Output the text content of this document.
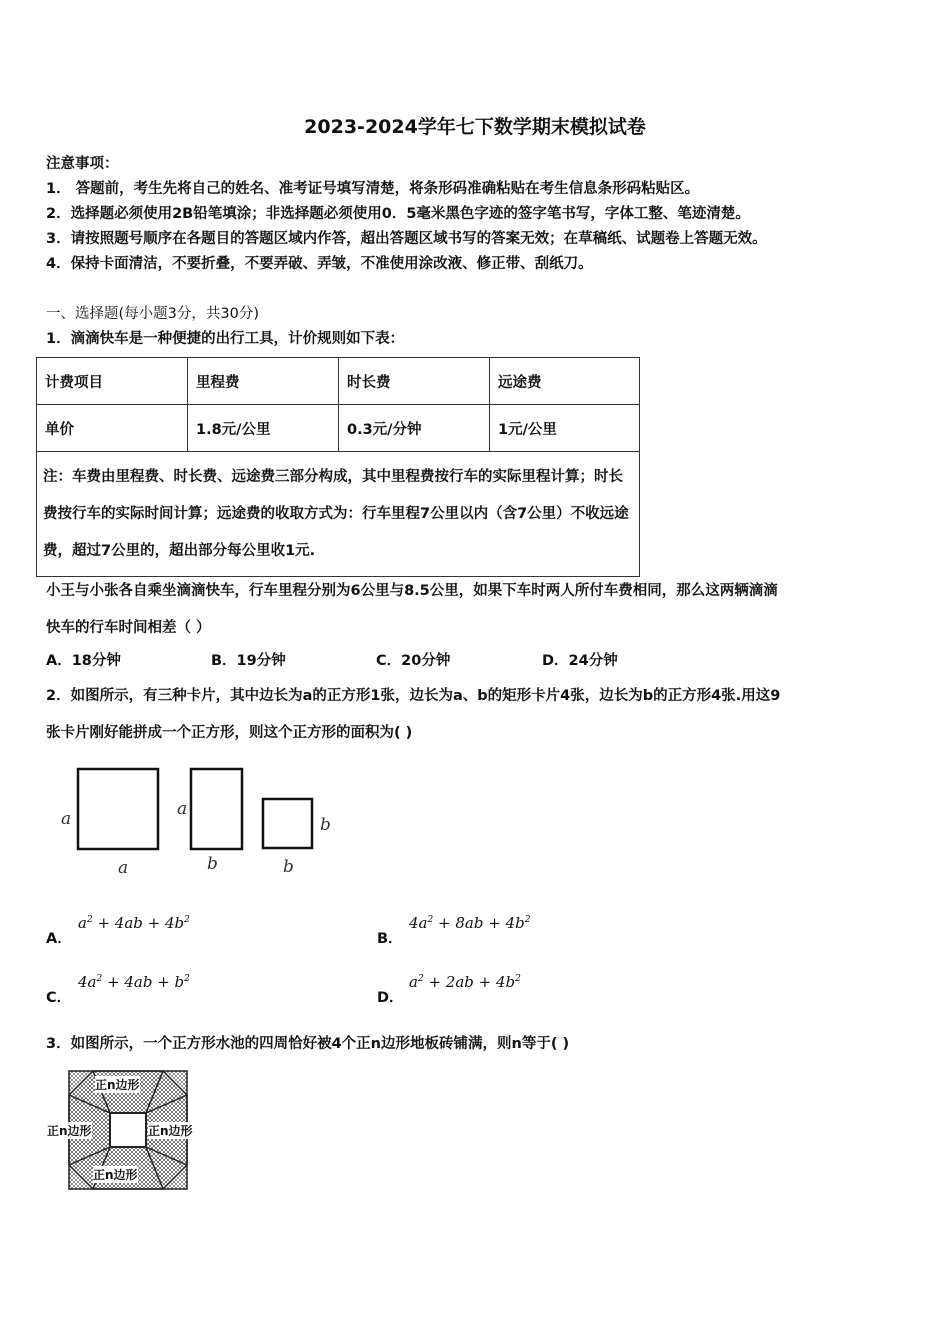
2023-2024学年七下数学期末模拟试卷
注意事项：
1． 答题前，考生先将自己的姓名、准考证号填写清楚，将条形码准确粘贴在考生信息条形码粘贴区。
2．选择题必须使用2B铅笔填涂；非选择题必须使用0．5毫米黑色字迹的签字笔书写，字体工整、笔迹清楚。
3．请按照题号顺序在各题目的答题区域内作答，超出答题区域书写的答案无效；在草稿纸、试题卷上答题无效。
4．保持卡面清洁，不要折叠，不要弄破、弄皱，不准使用涂改液、修正带、刮纸刀。
一、选择题(每小题3分，共30分)
1．滴滴快车是一种便捷的出行工具，计价规则如下表：
计费项目	里程费	时长费	远途费
单价	1.8元/公里	0.3元/分钟	1元/公里
注：车费由里程费、时长费、远途费三部分构成，其中里程费按行车的实际里程计算；时长费按行车的实际时间计算；远途费的收取方式为：行车里程7公里以内（含7公里）不收远途费，超过7公里的，超出部分每公里收1元.			
小王与小张各自乘坐滴滴快车，行车里程分别为6公里与8.5公里，如果下车时两人所付车费相同，那么这两辆滴滴
快车的行车时间相差（ ）
A．18分钟	B．19分钟	C．20分钟	D．24分钟
2．如图所示，有三种卡片，其中边长为a的正方形1张，边长为a、b的矩形卡片4张，边长为b的正方形4张.用这9
张卡片刚好能拼成一个正方形，则这个正方形的面积为( )
a
a
a
b
b
b
A．
$a^2 + 4ab + 4b^2$
B．
$4a^2 + 8ab + 4b^2$
C．
$4a^2 + 4ab + b^2$
D．
$a^2 + 2ab + 4b^2$
3．如图所示，一个正方形水池的四周恰好被4个正n边形地板砖铺满，则n等于( )
正n边形
正n边形	正n边形
正n边形
